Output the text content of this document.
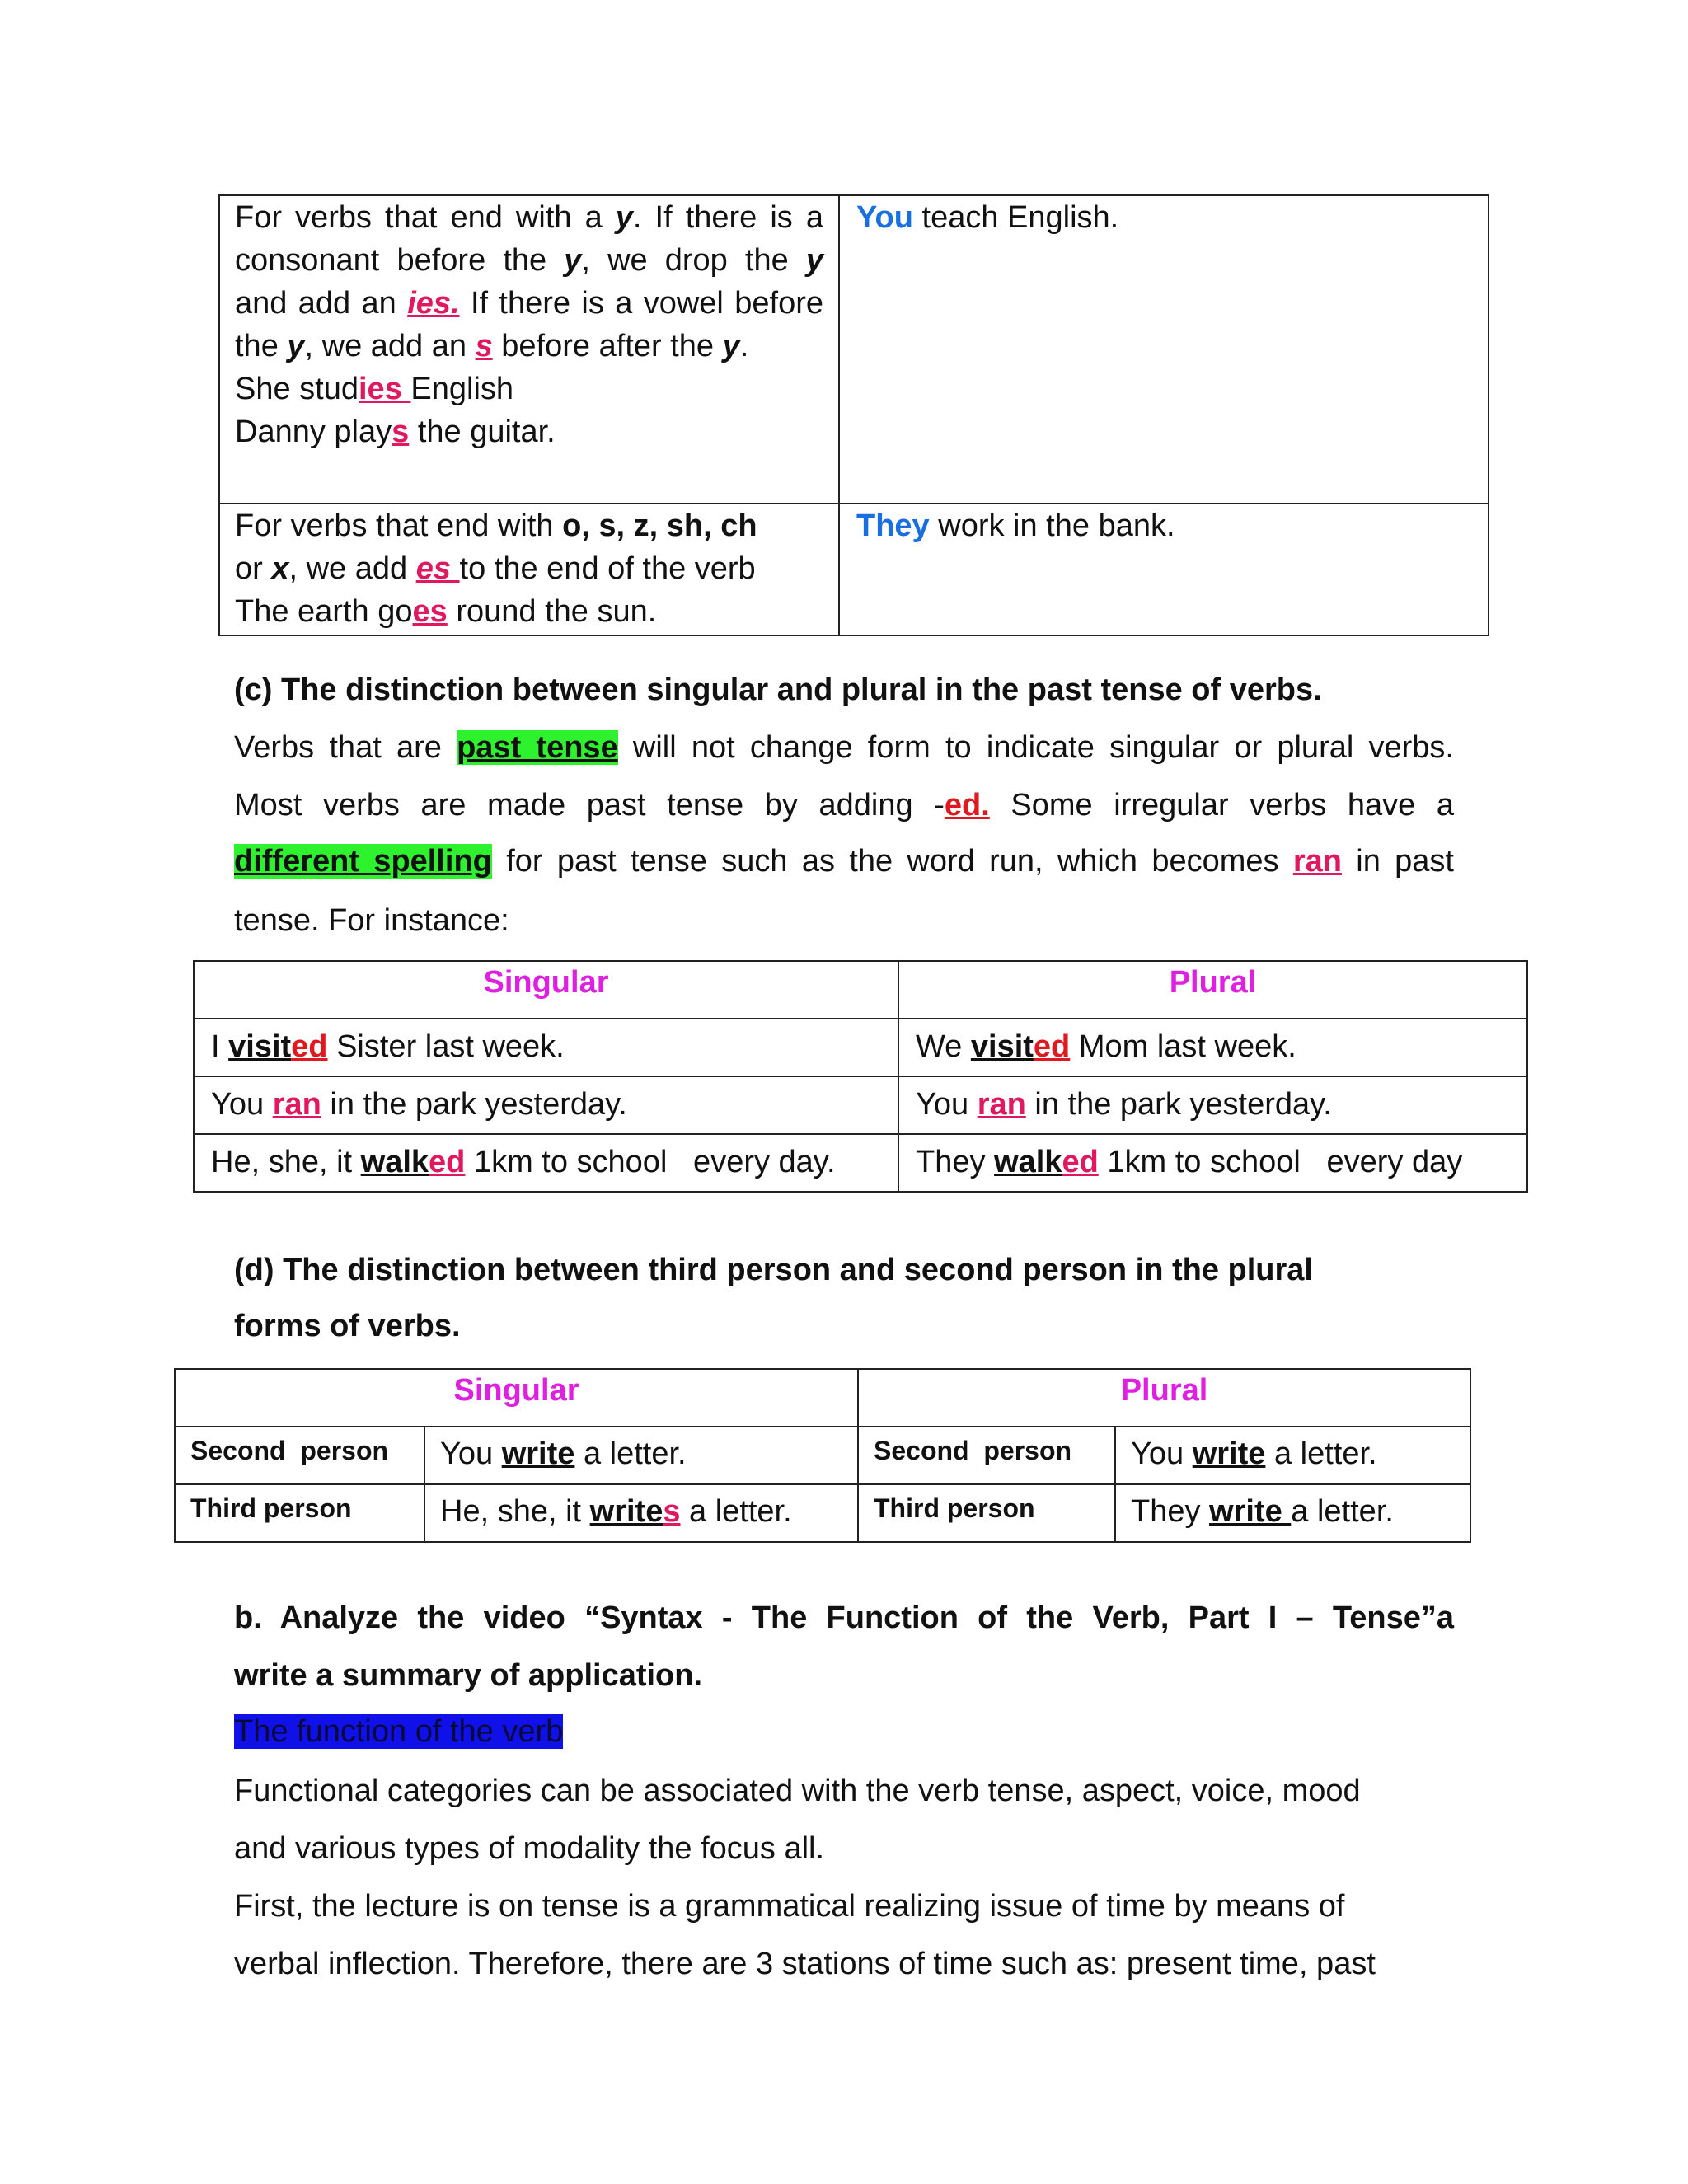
For verbs that end with a y. If there is a consonant before the y, we drop the y and add an ies. If there is a vowel before the y, we add an s before after the y.
She studies English
Danny plays the guitar.	You teach English.
For verbs that end with o, s, z, sh, ch
or x, we add es to the end of the verb
The earth goes round the sun.	They work in the bank.
(c) The distinction between singular and plural in the past tense of verbs.
Verbs that are past tense will not change form to indicate singular or plural verbs.
Most verbs are made past tense by adding -ed. Some irregular verbs have a
different spelling for past tense such as the word run, which becomes ran in past
tense. For instance:
Singular	Plural
I visited Sister last week.	We visited Mom last week.
You ran in the park yesterday.	You ran in the park yesterday.
He, she, it walked 1km to school   every day.	They walked 1km to school   every day
(d) The distinction between third person and second person in the plural
forms of verbs.
Singular		Plural	
Second  person	You write a letter.	Second  person	You write a letter.
Third person	He, she, it writes a letter.	Third person	They write a letter.
b. Analyze the video “Syntax - The Function of the Verb, Part I – Tense”a
write a summary of application.
The function of the verb
Functional categories can be associated with the verb tense, aspect, voice, mood
and various types of modality the focus all.
First, the lecture is on tense is a grammatical realizing issue of time by means of
verbal inflection. Therefore, there are 3 stations of time such as: present time, past
